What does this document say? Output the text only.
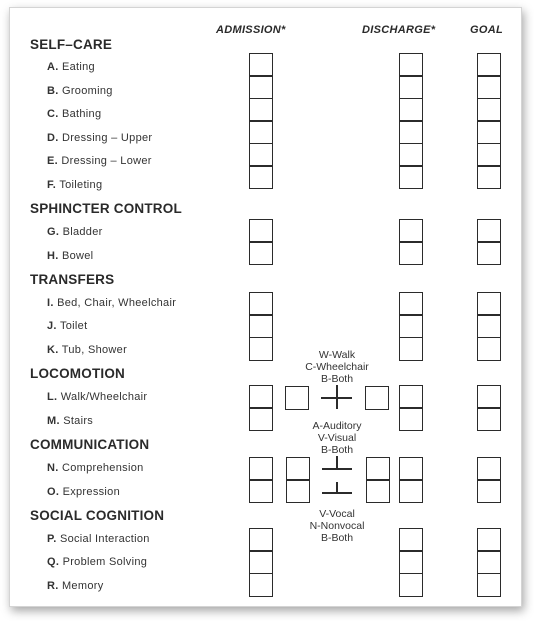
ADMISSION*	DISCHARGE*	GOAL
SELF–CARE
SPHINCTER CONTROL
TRANSFERS
LOCOMOTION
COMMUNICATION
SOCIAL COGNITION
A. Eating
B. Grooming
C. Bathing
D. Dressing – Upper
E. Dressing – Lower
F. Toileting
G. Bladder
H. Bowel
I. Bed, Chair, Wheelchair
J. Toilet
K. Tub, Shower
L. Walk/Wheelchair
M. Stairs
N. Comprehension
O. Expression
P. Social Interaction
Q. Problem Solving
R. Memory
W-Walk
C-Wheelchair
B-Both
A-Auditory
V-Visual
B-Both
V-Vocal
N-Nonvocal
B-Both
